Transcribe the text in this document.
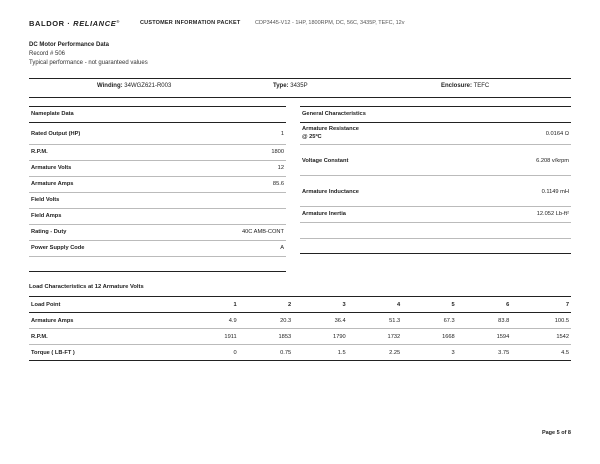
BALDOR · RELIANCE®	CUSTOMER INFORMATION PACKET	CDP3445-V12 - 1HP, 1800RPM, DC, 56C, 3435P, TEFC, 12v
DC Motor Performance Data
Record # 506
Typical performance - not guaranteed values
Winding: 34WGZ621-R003	Type: 3435P	Enclosure: TEFC
Nameplate Data
Rated Output (HP)	1
R.P.M.	1800
Armature Volts	12
Armature Amps	85.6
Field Volts
Field Amps
Rating - Duty	40C AMB-CONT
Power Supply Code	A
General Characteristics
Armature Resistance
@ 25ºC	0.0164 Ω
Voltage Constant	6.208 v/krpm
Armature Inductance	0.1149 mH
Armature Inertia	12.052 Lb-ft²
Load Characteristics at 12 Armature Volts
Load Point	1	2	3	4	5	6	7
Armature Amps	4.9	20.3	36.4	51.3	67.3	83.8	100.5
R.P.M.	1911	1853	1790	1732	1668	1594	1542
Torque ( LB-FT )	0	0.75	1.5	2.25	3	3.75	4.5
Page 5 of 8
